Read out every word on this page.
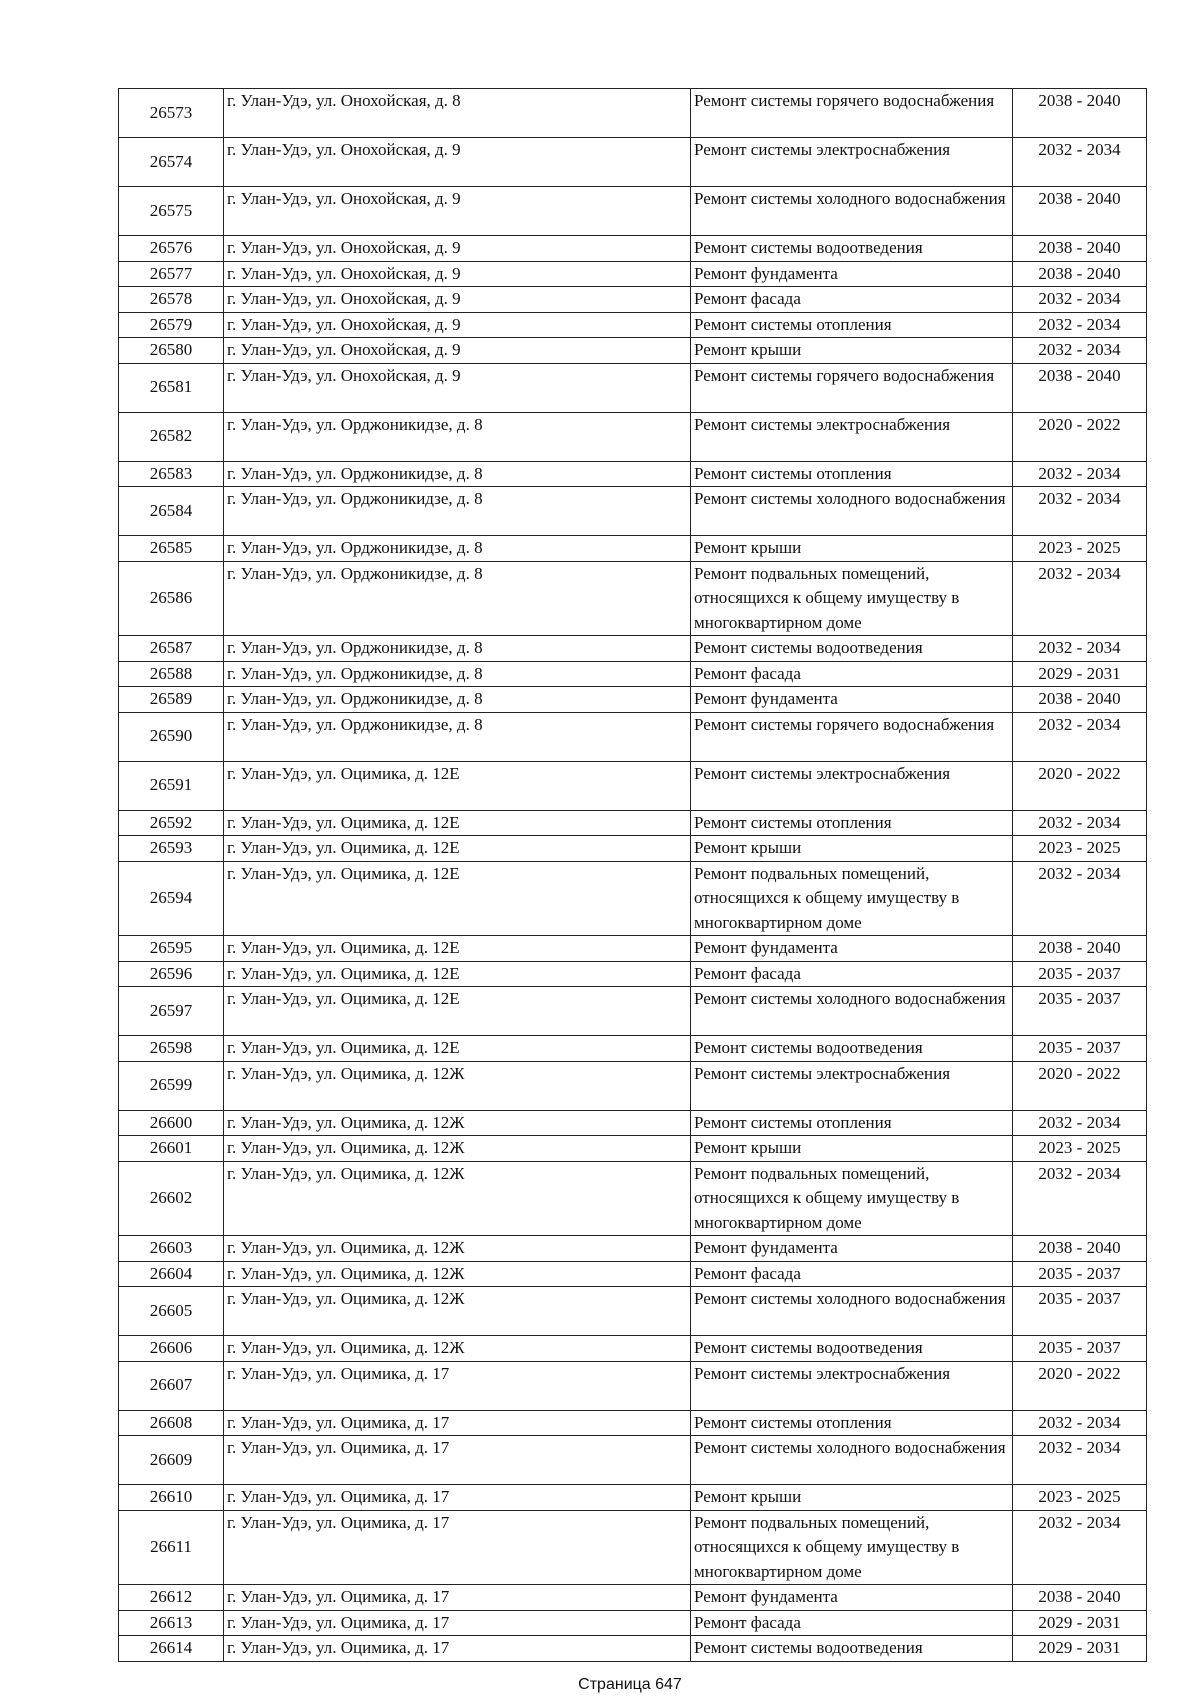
26573	г. Улан-Удэ, ул. Онохойская, д. 8	Ремонт системы горячего водоснабжения	2038 - 2040
26574	г. Улан-Удэ, ул. Онохойская, д. 9	Ремонт системы электроснабжения	2032 - 2034
26575	г. Улан-Удэ, ул. Онохойская, д. 9	Ремонт системы холодного водоснабжения	2038 - 2040
26576	г. Улан-Удэ, ул. Онохойская, д. 9	Ремонт системы водоотведения	2038 - 2040
26577	г. Улан-Удэ, ул. Онохойская, д. 9	Ремонт фундамента	2038 - 2040
26578	г. Улан-Удэ, ул. Онохойская, д. 9	Ремонт фасада	2032 - 2034
26579	г. Улан-Удэ, ул. Онохойская, д. 9	Ремонт системы отопления	2032 - 2034
26580	г. Улан-Удэ, ул. Онохойская, д. 9	Ремонт крыши	2032 - 2034
26581	г. Улан-Удэ, ул. Онохойская, д. 9	Ремонт системы горячего водоснабжения	2038 - 2040
26582	г. Улан-Удэ, ул. Орджоникидзе, д. 8	Ремонт системы электроснабжения	2020 - 2022
26583	г. Улан-Удэ, ул. Орджоникидзе, д. 8	Ремонт системы отопления	2032 - 2034
26584	г. Улан-Удэ, ул. Орджоникидзе, д. 8	Ремонт системы холодного водоснабжения	2032 - 2034
26585	г. Улан-Удэ, ул. Орджоникидзе, д. 8	Ремонт крыши	2023 - 2025
26586	г. Улан-Удэ, ул. Орджоникидзе, д. 8	Ремонт подвальных помещений, относящихся к общему имуществу в многоквартирном доме	2032 - 2034
26587	г. Улан-Удэ, ул. Орджоникидзе, д. 8	Ремонт системы водоотведения	2032 - 2034
26588	г. Улан-Удэ, ул. Орджоникидзе, д. 8	Ремонт фасада	2029 - 2031
26589	г. Улан-Удэ, ул. Орджоникидзе, д. 8	Ремонт фундамента	2038 - 2040
26590	г. Улан-Удэ, ул. Орджоникидзе, д. 8	Ремонт системы горячего водоснабжения	2032 - 2034
26591	г. Улан-Удэ, ул. Оцимика, д. 12Е	Ремонт системы электроснабжения	2020 - 2022
26592	г. Улан-Удэ, ул. Оцимика, д. 12Е	Ремонт системы отопления	2032 - 2034
26593	г. Улан-Удэ, ул. Оцимика, д. 12Е	Ремонт крыши	2023 - 2025
26594	г. Улан-Удэ, ул. Оцимика, д. 12Е	Ремонт подвальных помещений, относящихся к общему имуществу в многоквартирном доме	2032 - 2034
26595	г. Улан-Удэ, ул. Оцимика, д. 12Е	Ремонт фундамента	2038 - 2040
26596	г. Улан-Удэ, ул. Оцимика, д. 12Е	Ремонт фасада	2035 - 2037
26597	г. Улан-Удэ, ул. Оцимика, д. 12Е	Ремонт системы холодного водоснабжения	2035 - 2037
26598	г. Улан-Удэ, ул. Оцимика, д. 12Е	Ремонт системы водоотведения	2035 - 2037
26599	г. Улан-Удэ, ул. Оцимика, д. 12Ж	Ремонт системы электроснабжения	2020 - 2022
26600	г. Улан-Удэ, ул. Оцимика, д. 12Ж	Ремонт системы отопления	2032 - 2034
26601	г. Улан-Удэ, ул. Оцимика, д. 12Ж	Ремонт крыши	2023 - 2025
26602	г. Улан-Удэ, ул. Оцимика, д. 12Ж	Ремонт подвальных помещений, относящихся к общему имуществу в многоквартирном доме	2032 - 2034
26603	г. Улан-Удэ, ул. Оцимика, д. 12Ж	Ремонт фундамента	2038 - 2040
26604	г. Улан-Удэ, ул. Оцимика, д. 12Ж	Ремонт фасада	2035 - 2037
26605	г. Улан-Удэ, ул. Оцимика, д. 12Ж	Ремонт системы холодного водоснабжения	2035 - 2037
26606	г. Улан-Удэ, ул. Оцимика, д. 12Ж	Ремонт системы водоотведения	2035 - 2037
26607	г. Улан-Удэ, ул. Оцимика, д. 17	Ремонт системы электроснабжения	2020 - 2022
26608	г. Улан-Удэ, ул. Оцимика, д. 17	Ремонт системы отопления	2032 - 2034
26609	г. Улан-Удэ, ул. Оцимика, д. 17	Ремонт системы холодного водоснабжения	2032 - 2034
26610	г. Улан-Удэ, ул. Оцимика, д. 17	Ремонт крыши	2023 - 2025
26611	г. Улан-Удэ, ул. Оцимика, д. 17	Ремонт подвальных помещений, относящихся к общему имуществу в многоквартирном доме	2032 - 2034
26612	г. Улан-Удэ, ул. Оцимика, д. 17	Ремонт фундамента	2038 - 2040
26613	г. Улан-Удэ, ул. Оцимика, д. 17	Ремонт фасада	2029 - 2031
26614	г. Улан-Удэ, ул. Оцимика, д. 17	Ремонт системы водоотведения	2029 - 2031
Страница 647
